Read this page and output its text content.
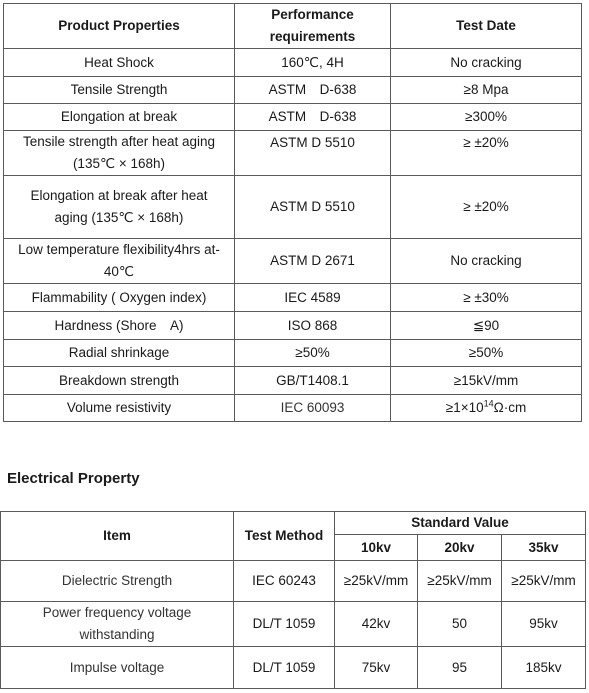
Product Properties	Performance requirements	Test Date
Heat Shock	160℃, 4H	No cracking
Tensile Strength	ASTM　D-638	≥8 Mpa
Elongation at break	ASTM　D-638	≥300%
Tensile strength after heat aging (135℃ × 168h)	ASTM D 5510	≥ ±20%
Elongation at break after heat aging (135℃ × 168h)	ASTM D 5510	≥ ±20%
Low temperature flexibility4hrs at-40℃	ASTM D 2671	No cracking
Flammability ( Oxygen index)	IEC 4589	≥ ±30%
Hardness (Shore　A)	ISO 868	≦90
Radial shrinkage	≥50%	≥50%
Breakdown strength	GB/T1408.1	≥15kV/mm
Volume resistivity	IEC 60093	$\ge 1\times 10^{14}\Omega\cdot cm$
Electrical Property
Item	Test Method	Standard Value		
		10kv	20kv	35kv
Dielectric Strength	IEC 60243	≥25kV/mm	≥25kV/mm	≥25kV/mm
Power frequency voltage withstanding	DL/T 1059	42kv	50	95kv
Impulse voltage	DL/T 1059	75kv	95	185kv
